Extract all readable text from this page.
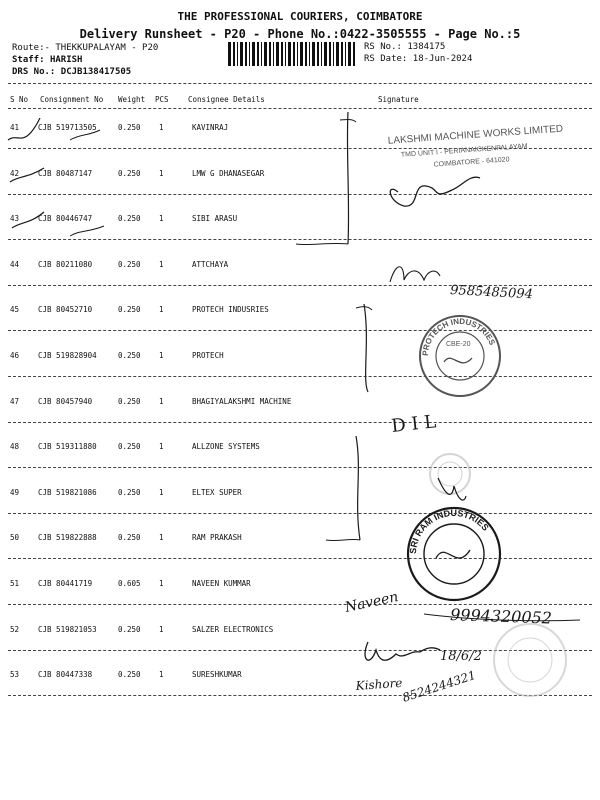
THE PROFESSIONAL COURIERS, COIMBATORE
Delivery Runsheet - P20 - Phone No.:0422-3505555 - Page No.:5
Route:- THEKKUPALAYAM - P20
Staff: HARISH
DRS No.: DCJB138417505
RS No.: 1384175
RS Date: 18-Jun-2024
S No Consignment No Weight PCS	Consignee Details	Signature
41	CJB 519713505	0.250 1	KAVINRAJ
42	CJB 80487147	0.250 1	LMW G DHANASEGAR
43	CJB 80446747	0.250 1	SIBI ARASU
44	CJB 80211080	0.250 1	ATTCHAYA
45	CJB 80452710	0.250 1	PROTECH INDUSRIES
46	CJB 519828904	0.250 1	PROTECH
47	CJB 80457940	0.250 1	BHAGIYALAKSHMI MACHINE
48	CJB 519311880	0.250 1	ALLZONE SYSTEMS
49	CJB 519821086	0.250 1	ELTEX SUPER
50	CJB 519822888	0.250 1	RAM PRAKASH
51	CJB 80441719	0.605 1	NAVEEN KUMMAR
52	CJB 519821053	0.250 1	SALZER ELECTRONICS
53	CJB 80447338	0.250 1	SURESHKUMAR
LAKSHMI MACHINE WORKS LIMITED
TMD UNIT I - PERIANAICKENPALAYAM
COIMBATORE - 641020
9585485094
PROTECH INDUSTRIES
CBE-20
D I L
SRI RAM INDUSTRIES
Naveen
9994320052
18/6/2
Kishore
8524244321
